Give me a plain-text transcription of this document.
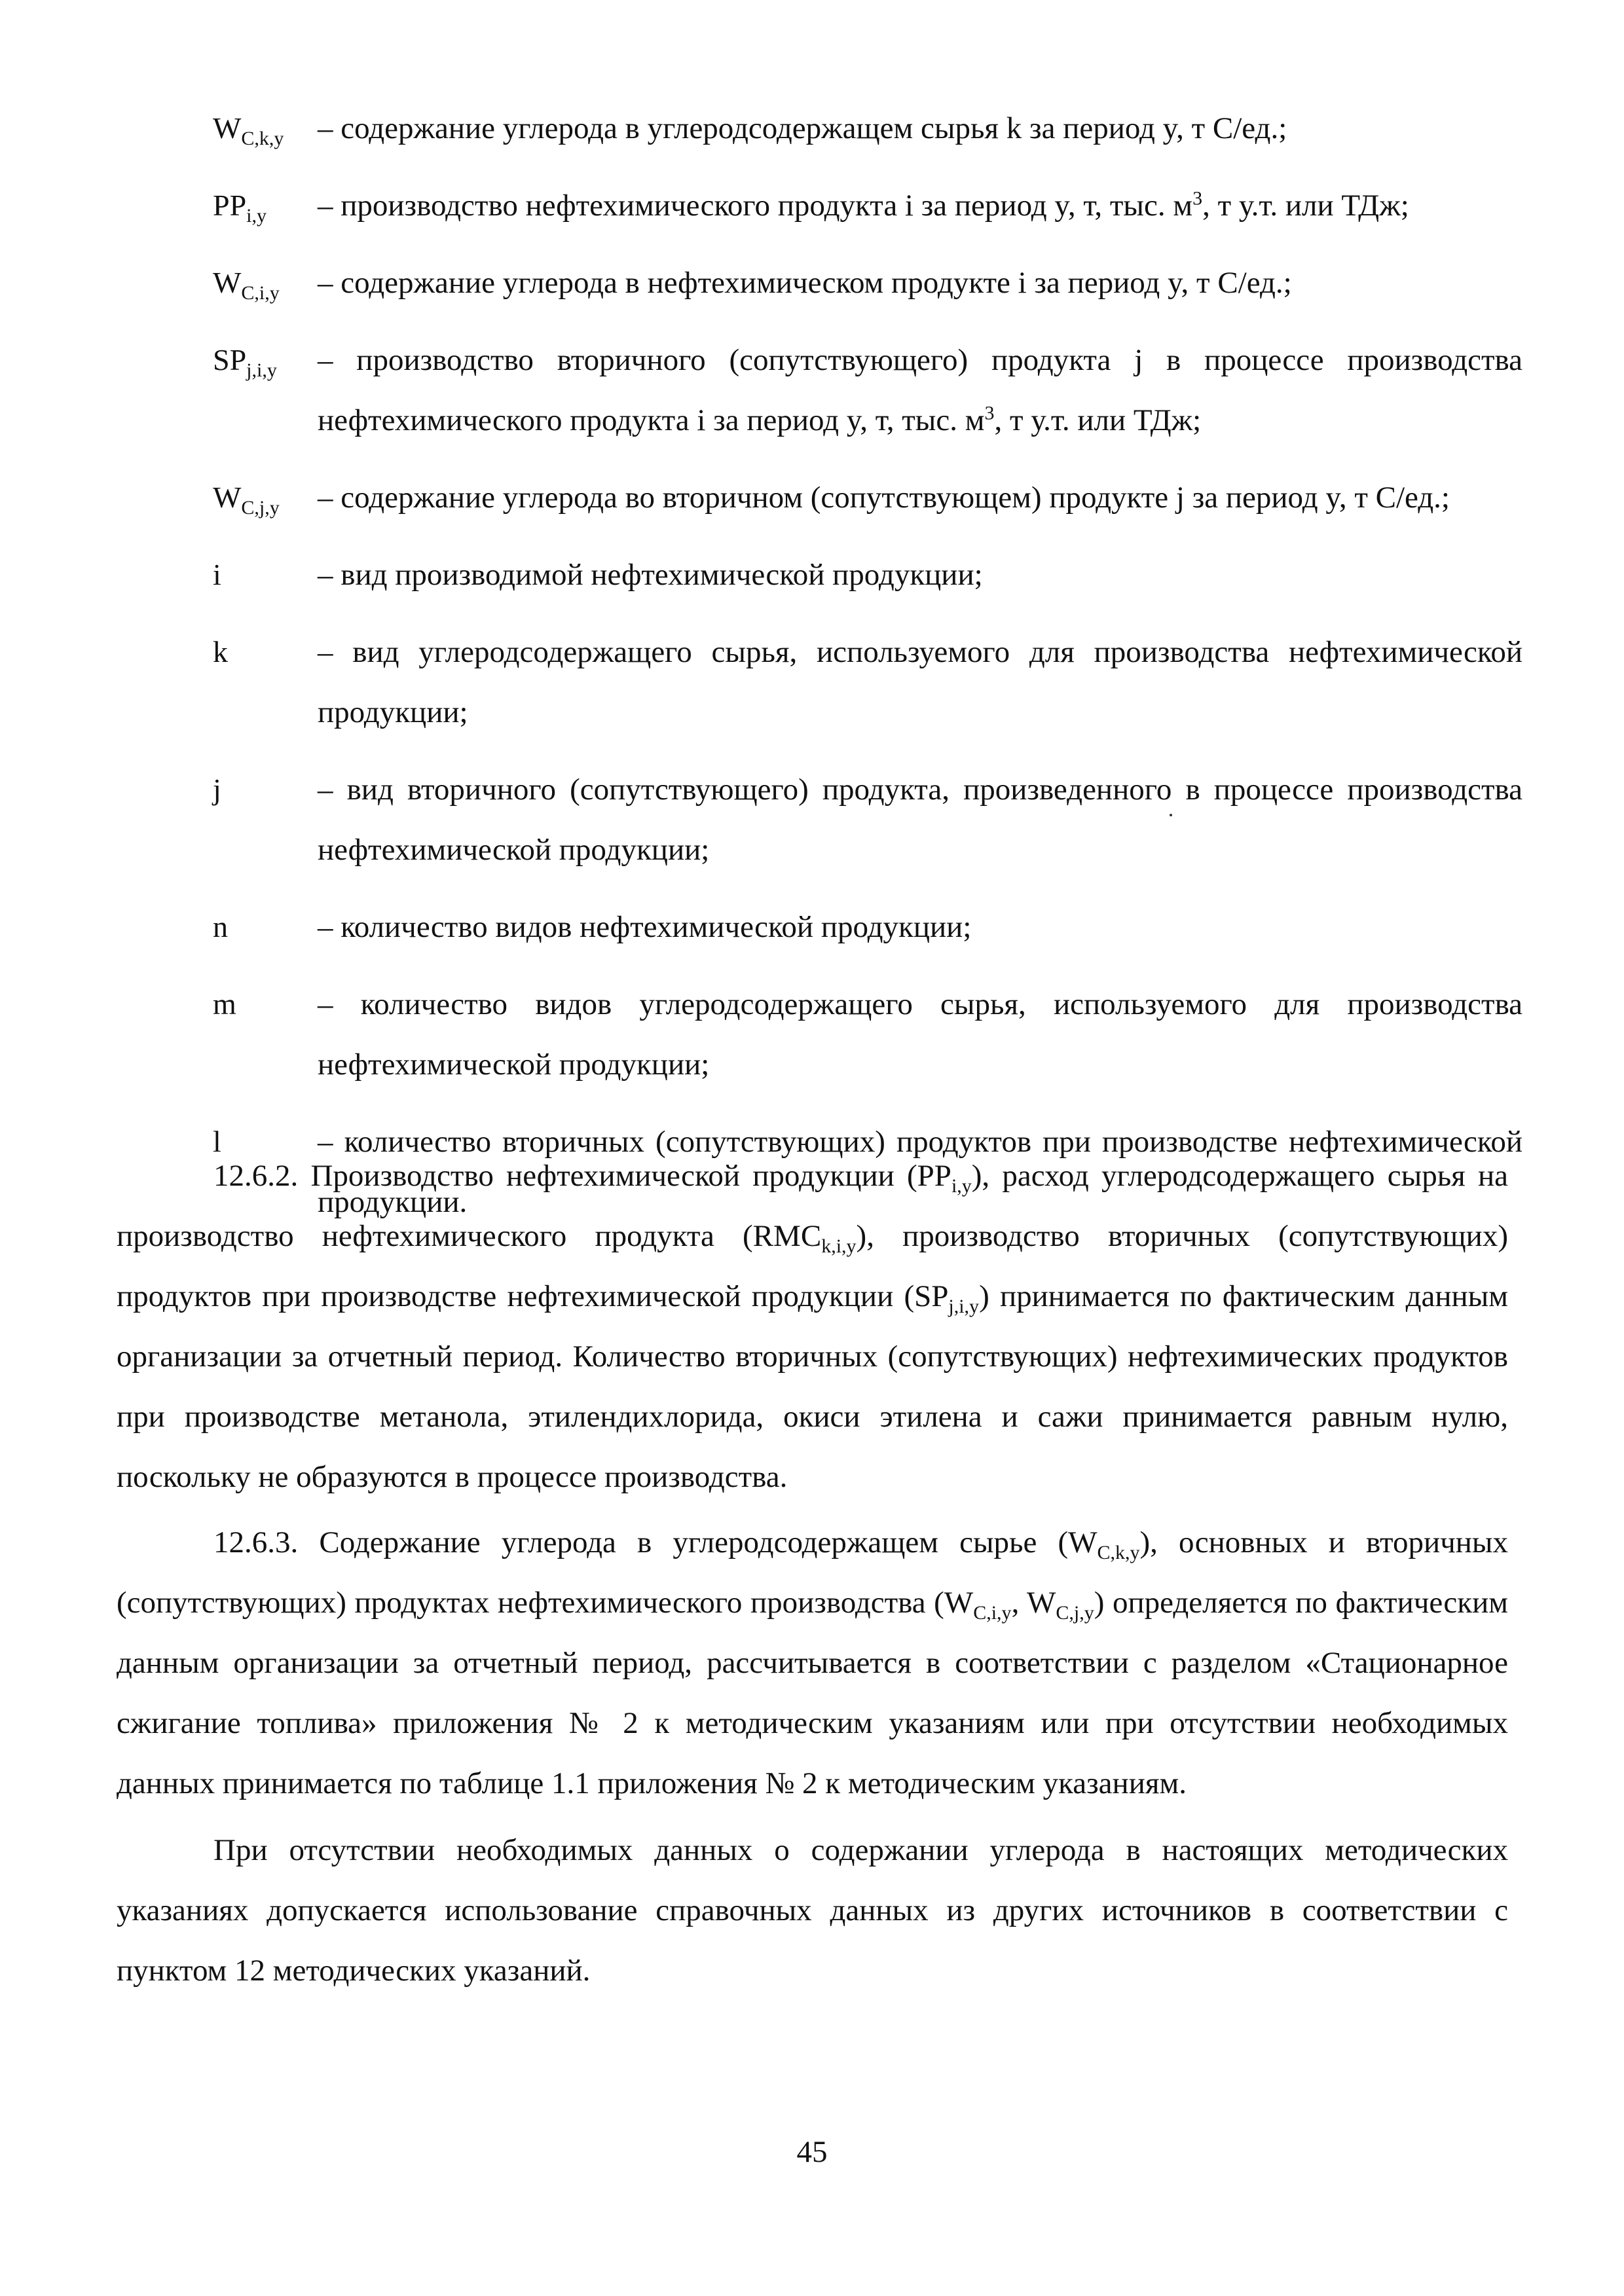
$W_{C,k,y}$	– содержание углерода в углеродсодержащем сырья k за период y, т С/ед.;
$PP_{i,y}$	– производство нефтехимического продукта i за период y, т, тыс. $м^3$, т у.т. или ТДж;
$W_{C,i,y}$	– содержание углерода в нефтехимическом продукте i за период y, т С/ед.;
$SP_{j,i,y}$	– производство вторичного (сопутствующего) продукта j в процессе производства нефтехимического продукта i за период y, т, тыс. $м^3$, т у.т. или ТДж;
$W_{C,j,y}$	– содержание углерода во вторичном (сопутствующем) продукте j за период y, т С/ед.;
i	– вид производимой нефтехимической продукции;
k	– вид углеродсодержащего сырья, используемого для производства нефтехимической продукции;
j	– вид вторичного (сопутствующего) продукта, произведенного в процессе производства нефтехимической продукции;
n	– количество видов нефтехимической продукции;
m	– количество видов углеродсодержащего сырья, используемого для производства нефтехимической продукции;
l	– количество вторичных (сопутствующих) продуктов при производстве нефтехимической продукции.

12.6.2. Производство нефтехимической продукции $(PP_{i,y})$, расход углеродсодержащего сырья на производство нефтехимического продукта $(RMC_{k,i,y})$, производство вторичных (сопутствующих) продуктов при производстве нефтехимической продукции $(SP_{j,i,y})$ принимается по фактическим данным организации за отчетный период. Количество вторичных (сопутствующих) нефтехимических продуктов при производстве метанола, этилендихлорида, окиси этилена и сажи принимается равным нулю, поскольку не образуются в процессе производства.

12.6.3. Содержание углерода в углеродсодержащем сырье $(W_{C,k,y})$, основных и вторичных (сопутствующих) продуктах нефтехимического производства ($W_{C,i,y}$, $W_{C,j,y}$) определяется по фактическим данным организации за отчетный период, рассчитывается в соответствии с разделом «Стационарное сжигание топлива» приложения № 2 к методическим указаниям или при отсутствии необходимых данных принимается по таблице 1.1 приложения № 2 к методическим указаниям.

При отсутствии необходимых данных о содержании углерода в настоящих методических указаниях допускается использование справочных данных из других источников в соответствии с пунктом 12 методических указаний.

45
